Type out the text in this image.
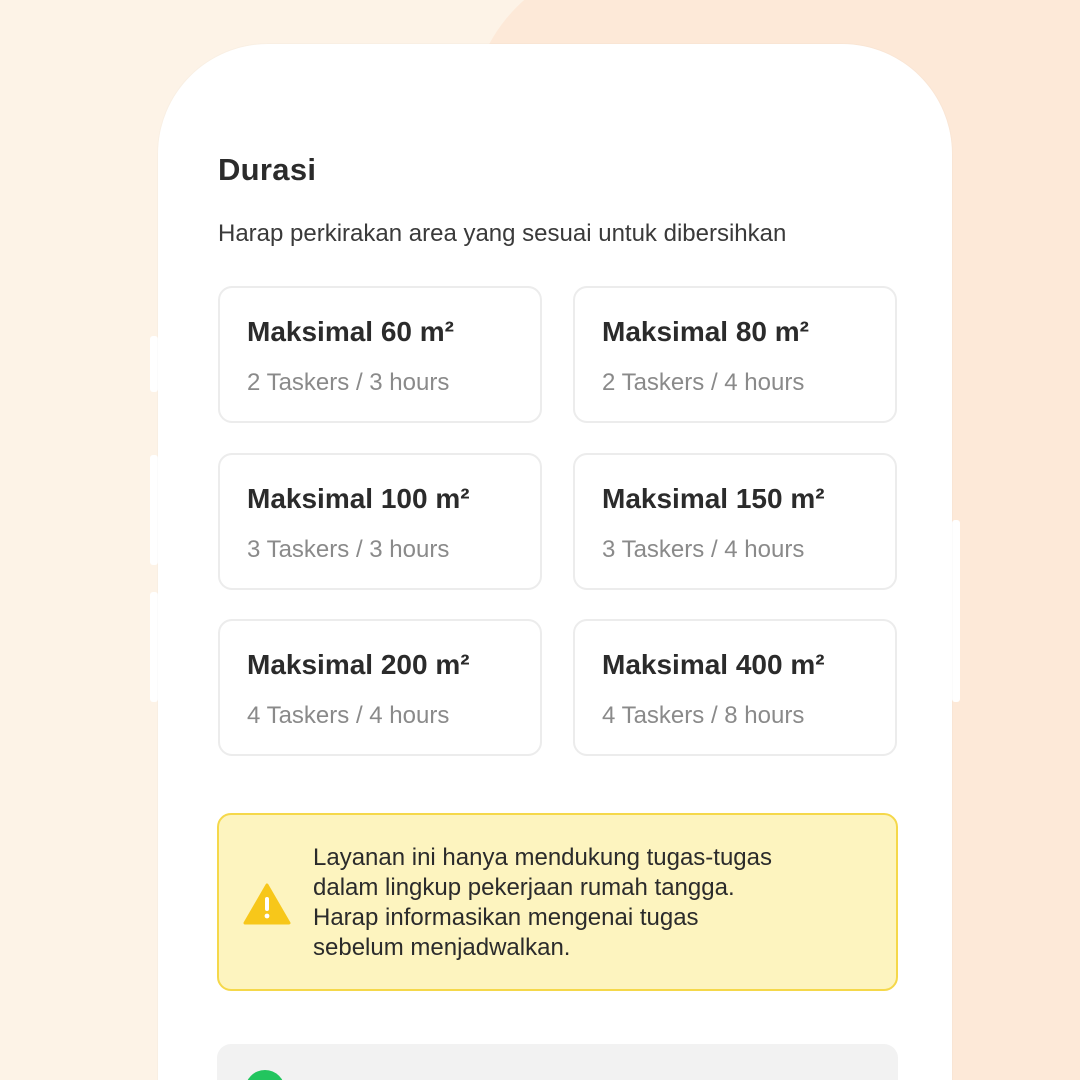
Durasi
Harap perkirakan area yang sesuai untuk dibersihkan
Maksimal 60 m²
2 Taskers / 3 hours
Maksimal 80 m²
2 Taskers / 4 hours
Maksimal 100 m²
3 Taskers / 3 hours
Maksimal 150 m²
3 Taskers / 4 hours
Maksimal 200 m²
4 Taskers / 4 hours
Maksimal 400 m²
4 Taskers / 8 hours
Layanan ini hanya mendukung tugas-tugas
dalam lingkup pekerjaan rumah tangga.
Harap informasikan mengenai tugas
sebelum menjadwalkan.
